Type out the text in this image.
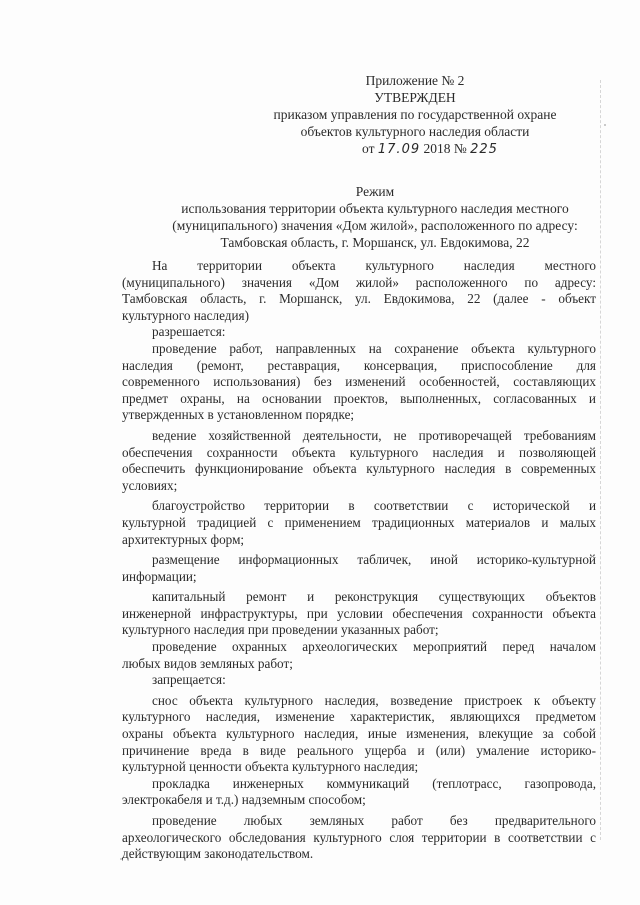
Приложение № 2
УТВЕРЖДЕН
приказом управления по государственной охране
объектов культурного наследия области
от 17.09 2018 № 225
Режим
использования территории объекта культурного наследия местного
(муниципального) значения «Дом жилой», расположенного по адресу:
Тамбовская область, г. Моршанск, ул. Евдокимова, 22
На территории объекта культурного наследия местного
(муниципального) значения «Дом жилой» расположенного по адресу:
Тамбовская область, г. Моршанск, ул. Евдокимова, 22 (далее - объект
культурного наследия)
разрешается:
проведение работ, направленных на сохранение объекта культурного
наследия (ремонт, реставрация, консервация, приспособление для
современного использования) без изменений особенностей, составляющих
предмет охраны, на основании проектов, выполненных, согласованных и
утвержденных в установленном порядке;
ведение хозяйственной деятельности, не противоречащей требованиям
обеспечения сохранности объекта культурного наследия и позволяющей
обеспечить функционирование объекта культурного наследия в современных
условиях;
благоустройство территории в соответствии с исторической и
культурной традицией с применением традиционных материалов и малых
архитектурных форм;
размещение информационных табличек, иной историко-культурной
информации;
капитальный ремонт и реконструкция существующих объектов
инженерной инфраструктуры, при условии обеспечения сохранности объекта
культурного наследия при проведении указанных работ;
проведение охранных археологических мероприятий перед началом
любых видов земляных работ;
запрещается:
снос объекта культурного наследия, возведение пристроек к объекту
культурного наследия, изменение характеристик, являющихся предметом
охраны объекта культурного наследия, иные изменения, влекущие за собой
причинение вреда в виде реального ущерба и (или) умаление историко-
культурной ценности объекта культурного наследия;
прокладка инженерных коммуникаций (теплотрасс, газопровода,
электрокабеля и т.д.) надземным способом;
проведение любых земляных работ без предварительного
археологического обследования культурного слоя территории в соответствии с
действующим законодательством.
